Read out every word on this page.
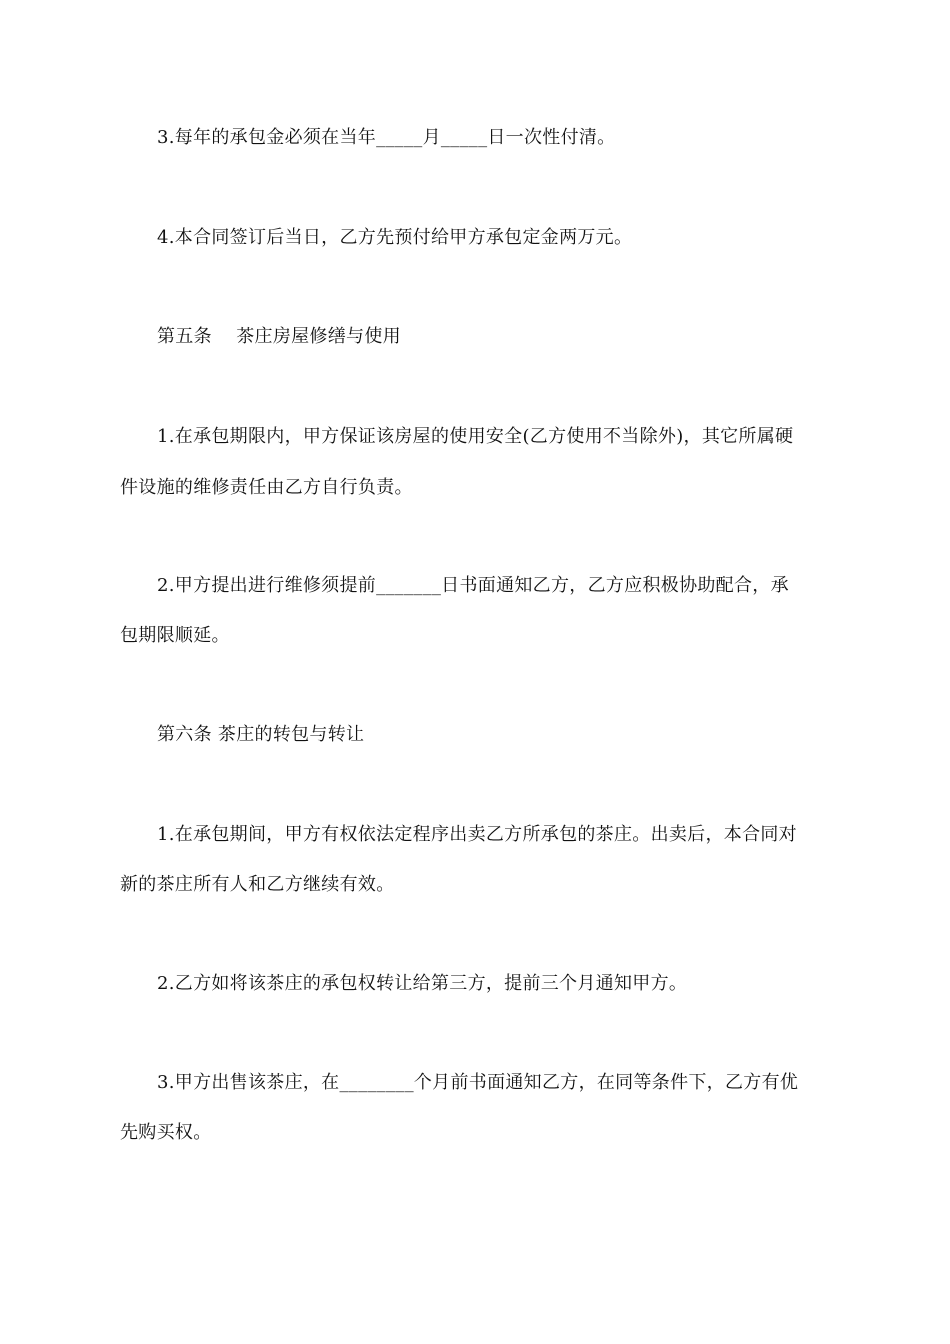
3.每年的承包金必须在当年_____月_____日一次性付清。
4.本合同签订后当日，乙方先预付给甲方承包定金两万元。
第五条　 茶庄房屋修缮与使用
1.在承包期限内，甲方保证该房屋的使用安全(乙方使用不当除外)，其它所属硬
件设施的维修责任由乙方自行负责。
2.甲方提出进行维修须提前_______日书面通知乙方，乙方应积极协助配合，承
包期限顺延。
第六条 茶庄的转包与转让
1.在承包期间，甲方有权依法定程序出卖乙方所承包的茶庄。出卖后，本合同对
新的茶庄所有人和乙方继续有效。
2.乙方如将该茶庄的承包权转让给第三方，提前三个月通知甲方。
3.甲方出售该茶庄，在________个月前书面通知乙方，在同等条件下，乙方有优
先购买权。
